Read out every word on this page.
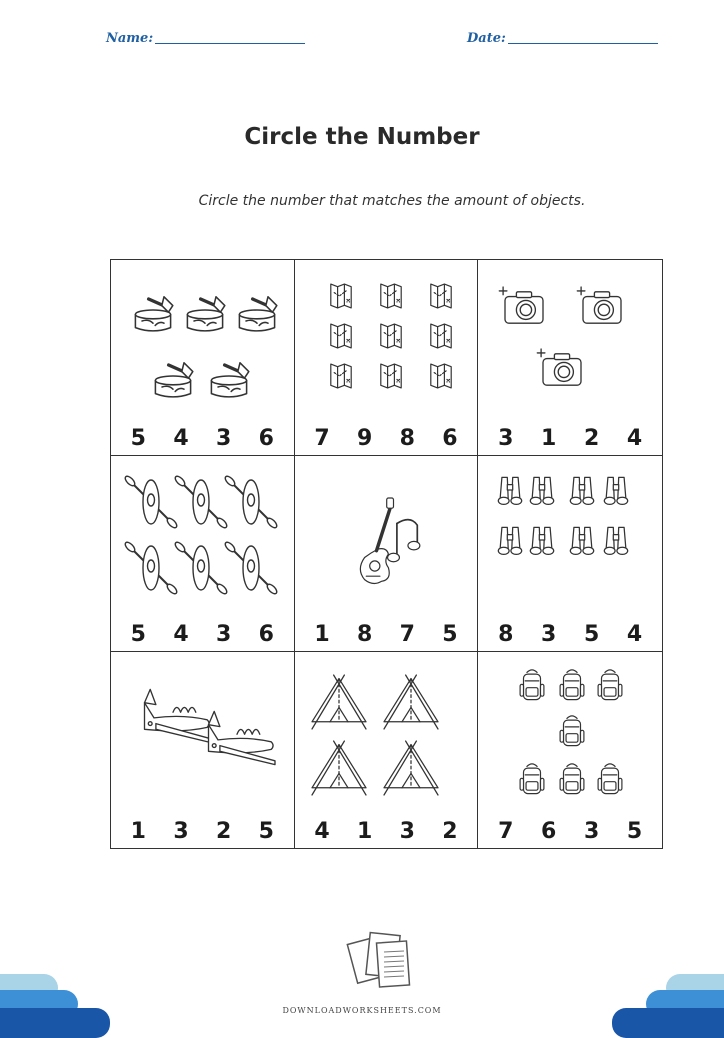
Name:	Date:
Circle the Number
Circle the number that matches the amount of objects.
5 4 3 6 7 9 8 6 3 1 2 4
5 4 3 6 1 8 7 5 8 3 5 4
1 3 2 5 4 1 3 2 7 6 3 5
DOWNLOADWORKSHEETS.COM
